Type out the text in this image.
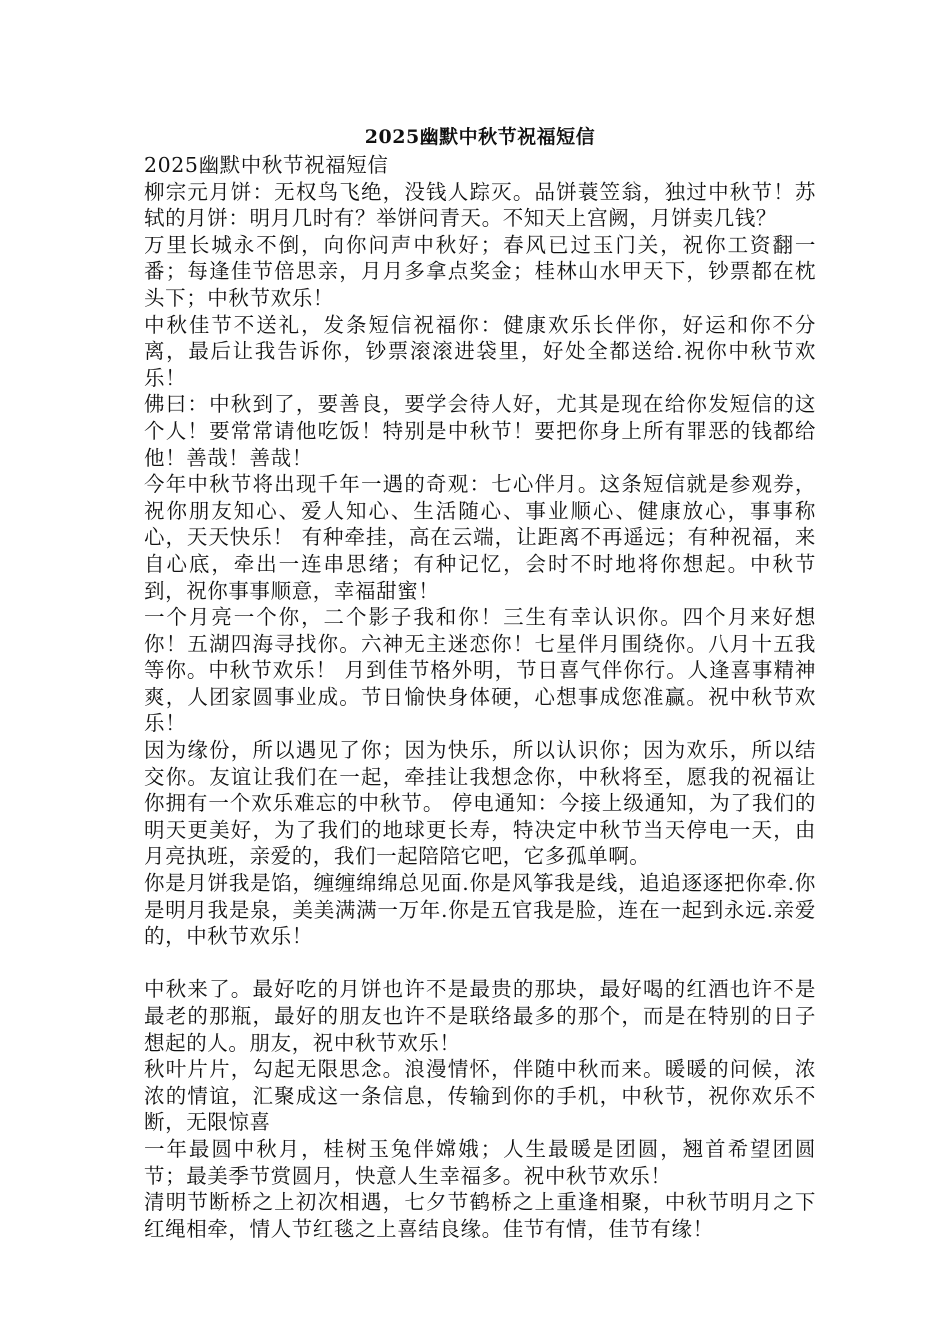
2025幽默中秋节祝福短信

2025幽默中秋节祝福短信

柳宗元月饼：无权鸟飞绝，没钱人踪灭。品饼蓑笠翁，独过中秋节！苏轼的月饼：明月几时有？举饼问青天。不知天上宫阙，月饼卖几钱？

万里长城永不倒，向你问声中秋好；春风已过玉门关，祝你工资翻一番；每逢佳节倍思亲，月月多拿点奖金；桂林山水甲天下，钞票都在枕头下；中秋节欢乐！

中秋佳节不送礼，发条短信祝福你：健康欢乐长伴你，好运和你不分离，最后让我告诉你，钞票滚滚进袋里，好处全都送给.祝你中秋节欢乐！

佛曰：中秋到了，要善良，要学会待人好，尤其是现在给你发短信的这个人！要常常请他吃饭！特别是中秋节！要把你身上所有罪恶的钱都给他！善哉！善哉！

今年中秋节将出现千年一遇的奇观：七心伴月。这条短信就是参观券，祝你朋友知心、爱人知心、生活随心、事业顺心、健康放心，事事称心，天天快乐！ 有种牵挂，高在云端，让距离不再遥远；有种祝福，来自心底，牵出一连串思绪；有种记忆，会时不时地将你想起。中秋节到，祝你事事顺意，幸福甜蜜！

一个月亮一个你，二个影子我和你！三生有幸认识你。四个月来好想你！五湖四海寻找你。六神无主迷恋你！七星伴月围绕你。八月十五我等你。中秋节欢乐！ 月到佳节格外明，节日喜气伴你行。人逢喜事精神爽，人团家圆事业成。节日愉快身体硬，心想事成您准赢。祝中秋节欢乐！

因为缘份，所以遇见了你；因为快乐，所以认识你；因为欢乐，所以结交你。友谊让我们在一起，牵挂让我想念你，中秋将至，愿我的祝福让你拥有一个欢乐难忘的中秋节。 停电通知：今接上级通知，为了我们的明天更美好，为了我们的地球更长寿，特决定中秋节当天停电一天，由月亮执班，亲爱的，我们一起陪陪它吧，它多孤单啊。

你是月饼我是馅，缠缠绵绵总见面.你是风筝我是线，追追逐逐把你牵.你是明月我是泉，美美满满一万年.你是五官我是脸，连在一起到永远.亲爱的，中秋节欢乐！

中秋来了。最好吃的月饼也许不是最贵的那块，最好喝的红酒也许不是最老的那瓶，最好的朋友也许不是联络最多的那个，而是在特别的日子想起的人。朋友，祝中秋节欢乐！

秋叶片片，勾起无限思念。浪漫情怀，伴随中秋而来。暖暖的问候，浓浓的情谊，汇聚成这一条信息，传输到你的手机，中秋节，祝你欢乐不断，无限惊喜

一年最圆中秋月，桂树玉兔伴嫦娥；人生最暖是团圆，翘首希望团圆节；最美季节赏圆月，快意人生幸福多。祝中秋节欢乐！

清明节断桥之上初次相遇，七夕节鹤桥之上重逢相聚，中秋节明月之下红绳相牵，情人节红毯之上喜结良缘。佳节有情，佳节有缘！
